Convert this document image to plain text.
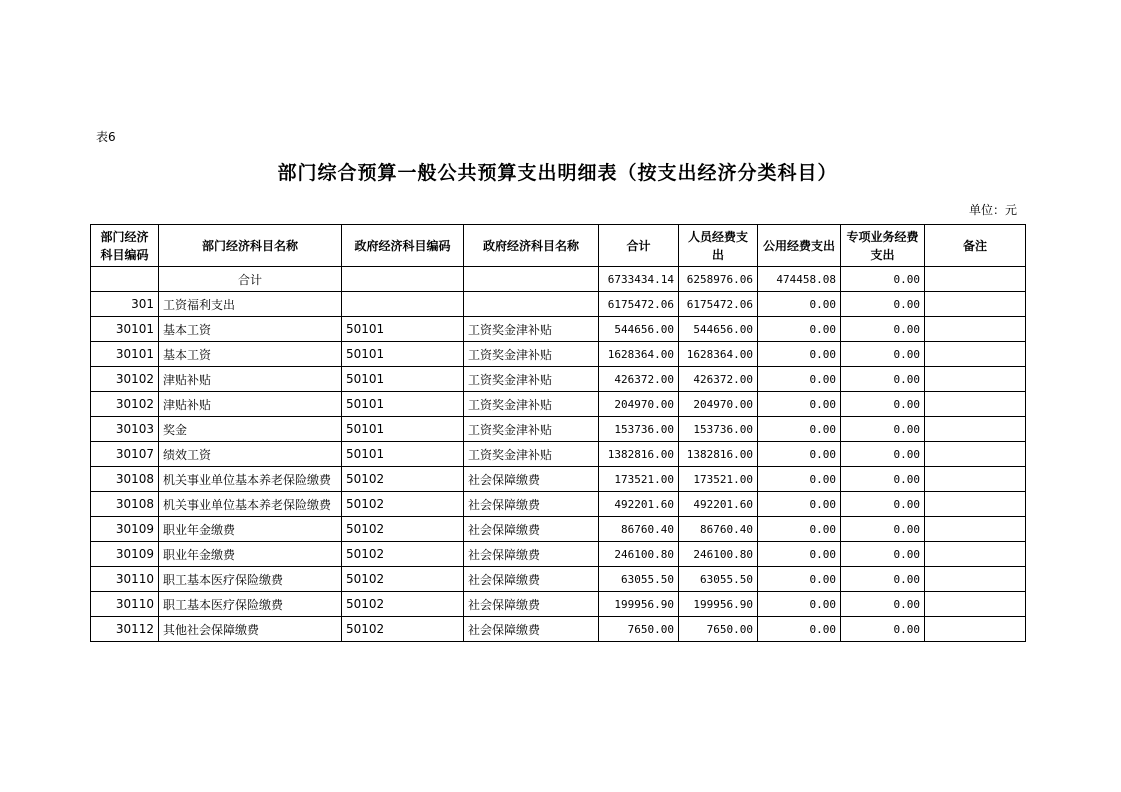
表6
部门综合预算一般公共预算支出明细表（按支出经济分类科目）
单位：元
部门经济科目编码	部门经济科目名称	政府经济科目编码	政府经济科目名称	合计	人员经费支出	公用经费支出	专项业务经费支出	备注
	合计			6733434.14	6258976.06	474458.08	0.00	
301	工资福利支出			6175472.06	6175472.06	0.00	0.00	
30101	基本工资	50101	工资奖金津补贴	544656.00	544656.00	0.00	0.00	
30101	基本工资	50101	工资奖金津补贴	1628364.00	1628364.00	0.00	0.00	
30102	津贴补贴	50101	工资奖金津补贴	426372.00	426372.00	0.00	0.00	
30102	津贴补贴	50101	工资奖金津补贴	204970.00	204970.00	0.00	0.00	
30103	奖金	50101	工资奖金津补贴	153736.00	153736.00	0.00	0.00	
30107	绩效工资	50101	工资奖金津补贴	1382816.00	1382816.00	0.00	0.00	
30108	机关事业单位基本养老保险缴费	50102	社会保障缴费	173521.00	173521.00	0.00	0.00	
30108	机关事业单位基本养老保险缴费	50102	社会保障缴费	492201.60	492201.60	0.00	0.00	
30109	职业年金缴费	50102	社会保障缴费	86760.40	86760.40	0.00	0.00	
30109	职业年金缴费	50102	社会保障缴费	246100.80	246100.80	0.00	0.00	
30110	职工基本医疗保险缴费	50102	社会保障缴费	63055.50	63055.50	0.00	0.00	
30110	职工基本医疗保险缴费	50102	社会保障缴费	199956.90	199956.90	0.00	0.00	
30112	其他社会保障缴费	50102	社会保障缴费	7650.00	7650.00	0.00	0.00	
